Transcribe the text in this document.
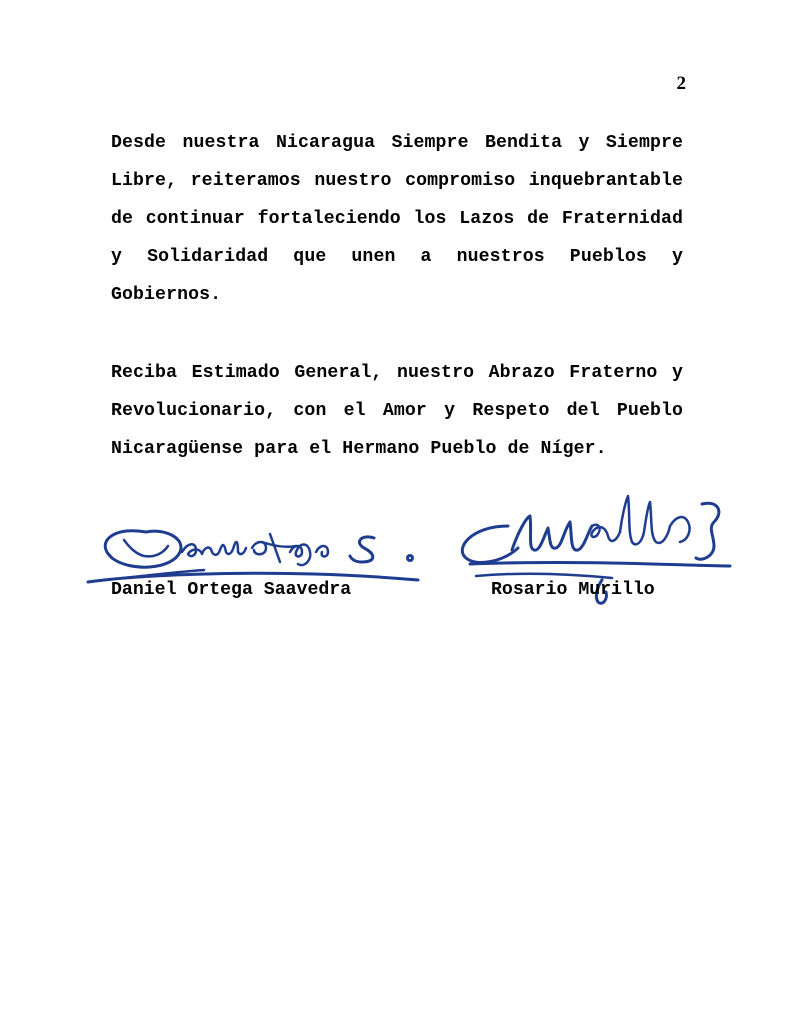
2

Desde nuestra Nicaragua Siempre Bendita y Siempre Libre, reiteramos nuestro compromiso inquebrantable de continuar fortaleciendo los Lazos de Fraternidad y Solidaridad que unen a nuestros Pueblos y Gobiernos.

Reciba Estimado General, nuestro Abrazo Fraterno y Revolucionario, con el Amor y Respeto del Pueblo Nicaragüense para el Hermano Pueblo de Níger.

Daniel Ortega Saavedra	Rosario Murillo
